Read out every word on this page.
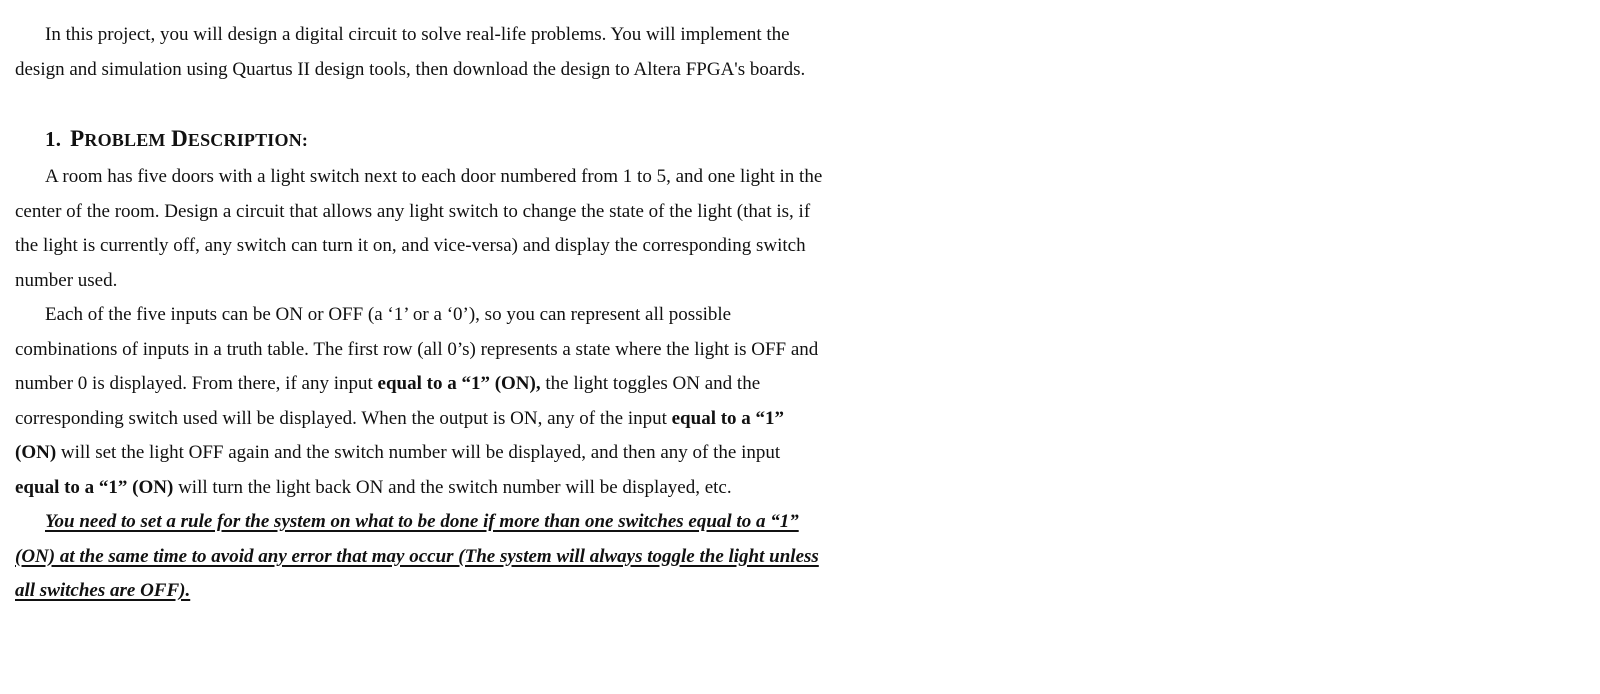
In this project, you will design a digital circuit to solve real-life problems. You will implement the design and simulation using Quartus II design tools, then download the design to Altera FPGA's boards.

1. PROBLEM DESCRIPTION:

A room has five doors with a light switch next to each door numbered from 1 to 5, and one light in the center of the room. Design a circuit that allows any light switch to change the state of the light (that is, if the light is currently off, any switch can turn it on, and vice-versa) and display the corresponding switch number used.

Each of the five inputs can be ON or OFF (a ‘1’ or a ‘0’), so you can represent all possible combinations of inputs in a truth table. The first row (all 0’s) represents a state where the light is OFF and number 0 is displayed. From there, if any input equal to a “1” (ON), the light toggles ON and the corresponding switch used will be displayed. When the output is ON, any of the input equal to a “1” (ON) will set the light OFF again and the switch number will be displayed, and then any of the input equal to a “1” (ON) will turn the light back ON and the switch number will be displayed, etc.

You need to set a rule for the system on what to be done if more than one switches equal to a “1” (ON) at the same time to avoid any error that may occur (The system will always toggle the light unless all switches are OFF).
